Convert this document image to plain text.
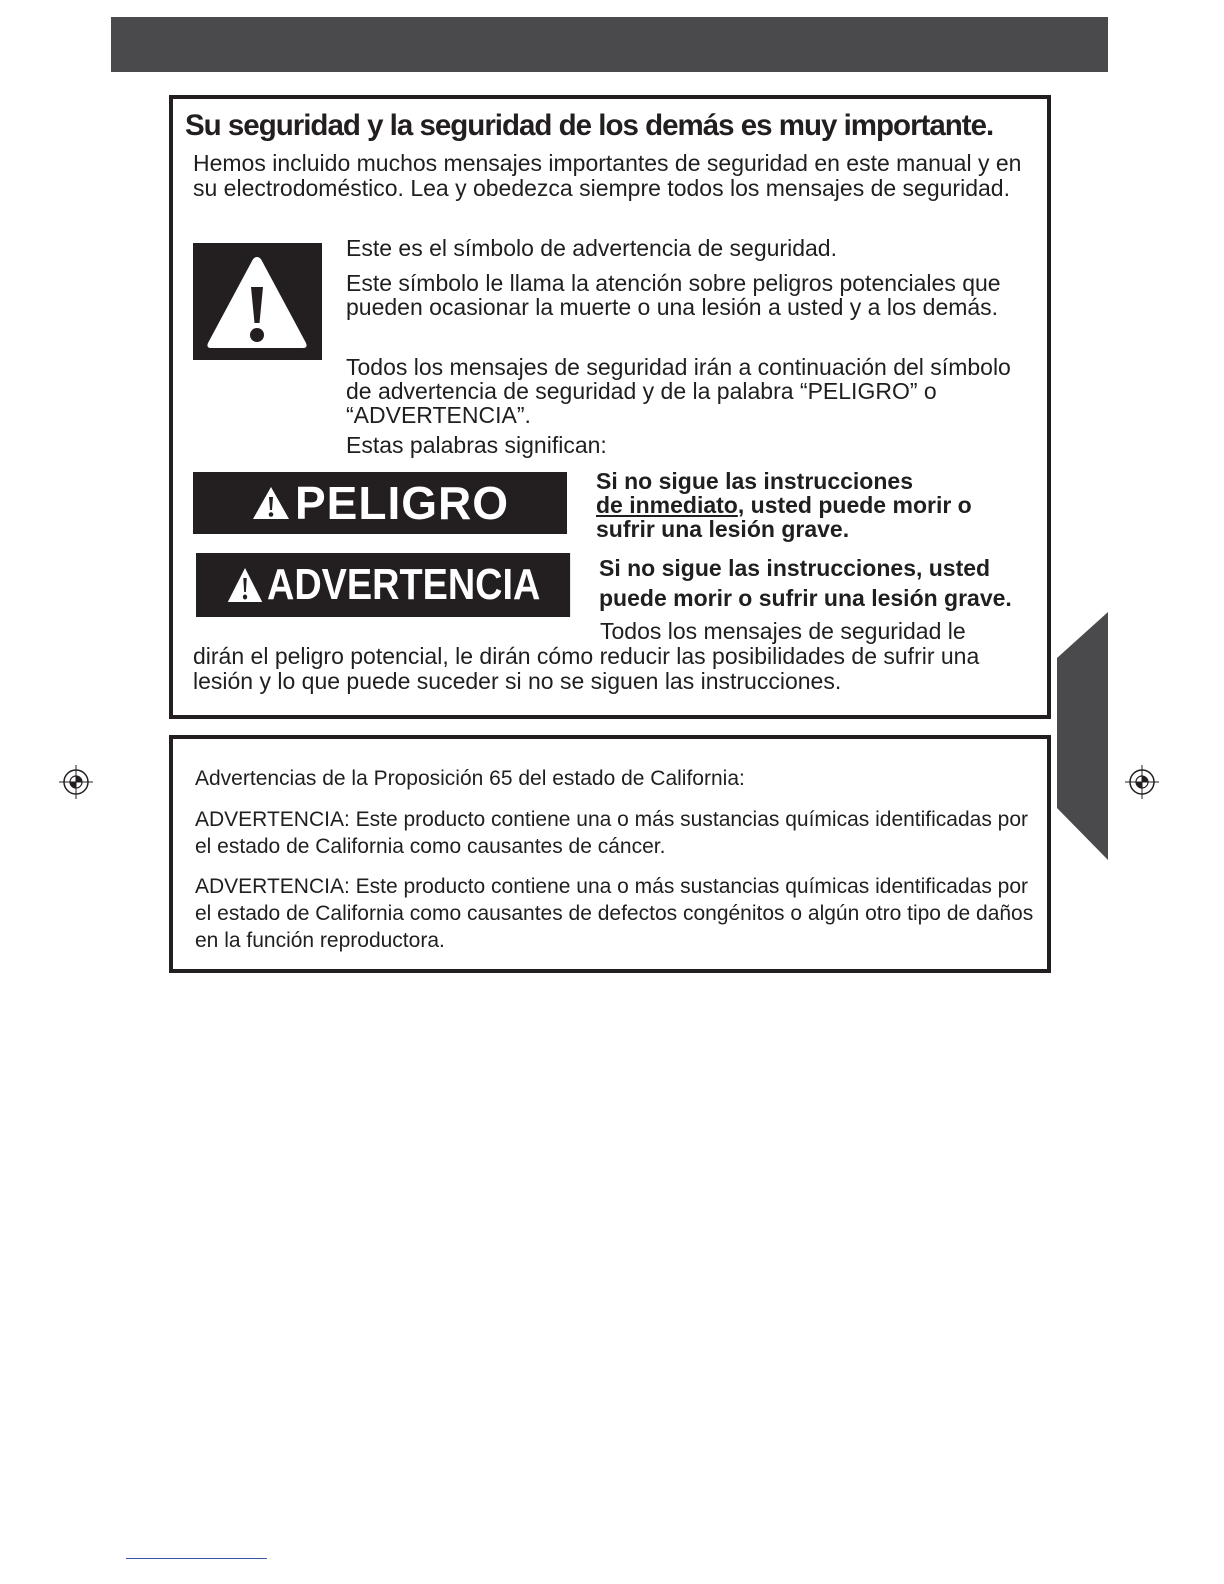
Su seguridad y la seguridad de los demás es muy importante.

Hemos incluido muchos mensajes importantes de seguridad en este manual y en su electrodoméstico. Lea y obedezca siempre todos los mensajes de seguridad.

Este es el símbolo de advertencia de seguridad.

Este símbolo le llama la atención sobre peligros potenciales que pueden ocasionar la muerte o una lesión a usted y a los demás.

Todos los mensajes de seguridad irán a continuación del símbolo de advertencia de seguridad y de la palabra “PELIGRO” o “ADVERTENCIA”.

Estas palabras significan:

PELIGRO	Si no sigue las instrucciones
de inmediato, usted puede morir o sufrir una lesión grave.

ADVERTENCIA	Si no sigue las instrucciones, usted puede morir o sufrir una lesión grave.

Todos los mensajes de seguridad le
dirán el peligro potencial, le dirán cómo reducir las posibilidades de sufrir una lesión y lo que puede suceder si no se siguen las instrucciones.

Advertencias de la Proposición 65 del estado de California:

ADVERTENCIA: Este producto contiene una o más sustancias químicas identificadas por el estado de California como causantes de cáncer.

ADVERTENCIA: Este producto contiene una o más sustancias químicas identificadas por el estado de California como causantes de defectos congénitos o algún otro tipo de daños en la función reproductora.
